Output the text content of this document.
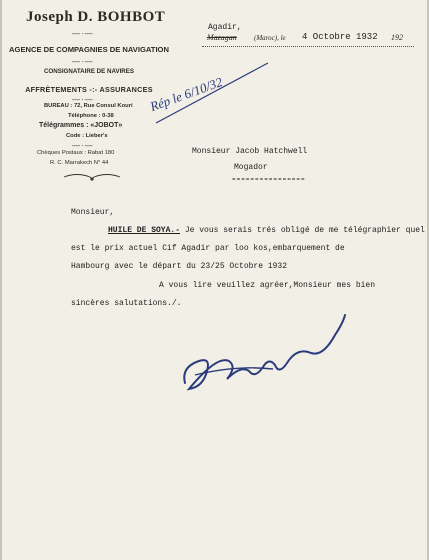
Joseph D. BOHBOT
—·—
AGENCE DE COMPAGNIES DE NAVIGATION
—·—
CONSIGNATAIRE DE NAVIRES
AFFRÈTEMENTS -:- ASSURANCES
—·—
BUREAU : 72, Rue Consul Kouri
Téléphone : 0-38
Télégrammes : «JOBOT»
Code : Lieber's
—·—
Chèques Postaux : Rabat 180
R. C. Marrakech N° 44
Agadir,
Mazagan (Maroc), le 4 Octobre 1932 192
Rép le 6/10/32
Monsieur Jacob Hatchwell
Mogador
================
Monsieur,
HUILE DE SOYA.- Je vous serais trés obligé de me télégraphier quel
est le prix actuel Cif Agadir par loo kos,embarquement de
Hambourg avec le départ du 23/25 Octobre 1932
A vous lire veuillez agréer,Monsieur mes bien
sincères salutations./.
